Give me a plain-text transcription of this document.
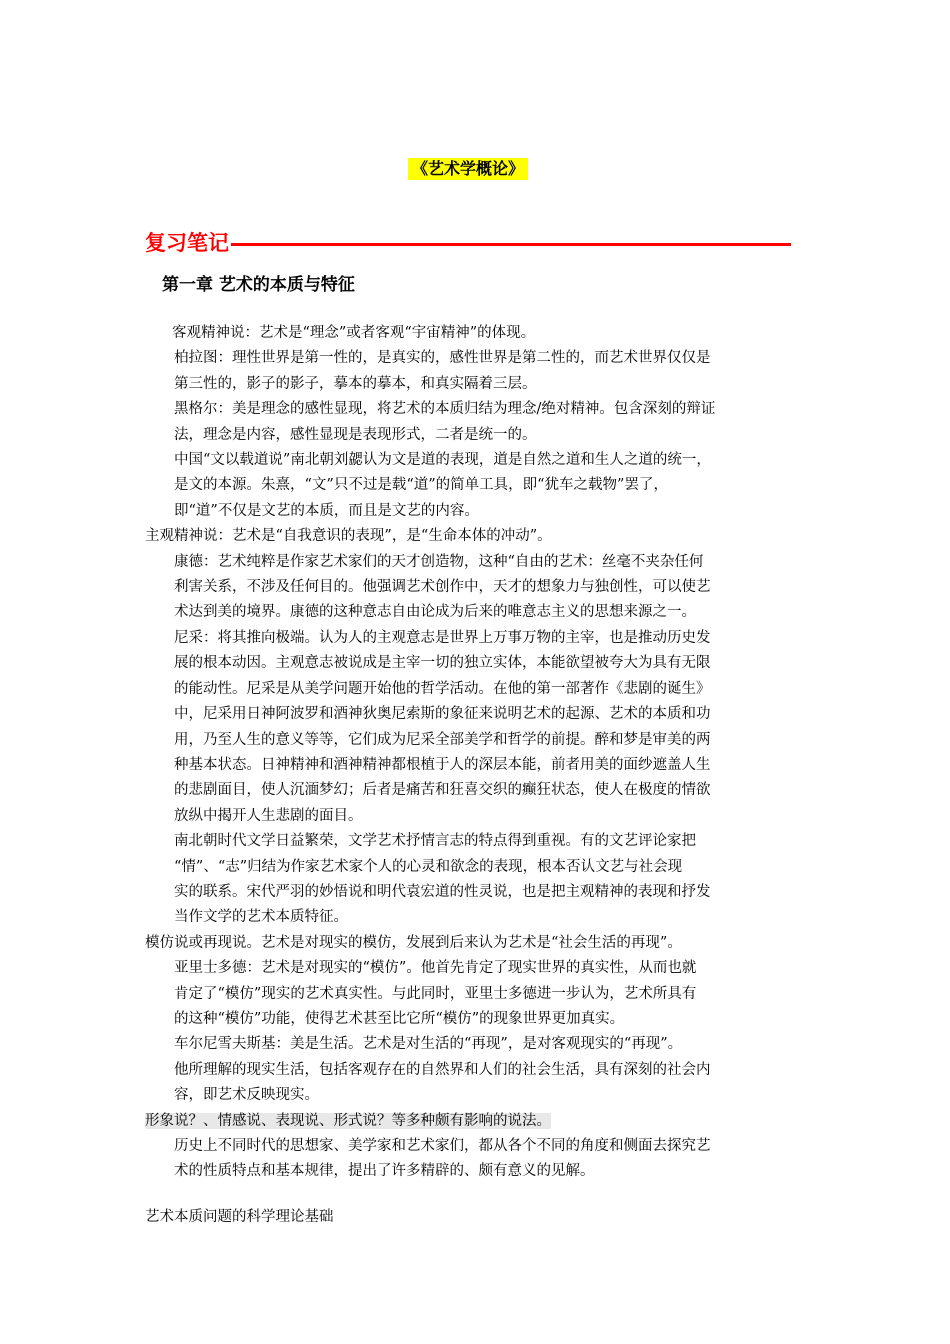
《艺术学概论》
复习笔记
第一章 艺术的本质与特征

客观精神说：艺术是“理念”或者客观“宇宙精神”的体现。

柏拉图：理性世界是第一性的，是真实的，感性世界是第二性的，而艺术世界仅仅是

第三性的，影子的影子，摹本的摹本，和真实隔着三层。

黑格尔：美是理念的感性显现，将艺术的本质归结为理念/绝对精神。包含深刻的辩证

法，理念是内容，感性显现是表现形式，二者是统一的。

中国“文以载道说”南北朝刘勰认为文是道的表现，道是自然之道和生人之道的统一，

是文的本源。朱熹，“文”只不过是载“道”的简单工具，即“犹车之载物”罢了，

即“道”不仅是文艺的本质，而且是文艺的内容。

主观精神说：艺术是“自我意识的表现”，是“生命本体的冲动”。

康德：艺术纯粹是作家艺术家们的天才创造物，这种“自由的艺术：丝毫不夹杂任何

利害关系，不涉及任何目的。他强调艺术创作中，天才的想象力与独创性，可以使艺

术达到美的境界。康德的这种意志自由论成为后来的唯意志主义的思想来源之一。

尼采：将其推向极端。认为人的主观意志是世界上万事万物的主宰，也是推动历史发

展的根本动因。主观意志被说成是主宰一切的独立实体，本能欲望被夸大为具有无限

的能动性。尼采是从美学问题开始他的哲学活动。在他的第一部著作《悲剧的诞生》

中，尼采用日神阿波罗和酒神狄奥尼索斯的象征来说明艺术的起源、艺术的本质和功

用，乃至人生的意义等等，它们成为尼采全部美学和哲学的前提。醉和梦是审美的两

种基本状态。日神精神和酒神精神都根植于人的深层本能，前者用美的面纱遮盖人生

的悲剧面目，使人沉湎梦幻；后者是痛苦和狂喜交织的癫狂状态，使人在极度的情欲

放纵中揭开人生悲剧的面目。

南北朝时代文学日益繁荣，文学艺术抒情言志的特点得到重视。有的文艺评论家把

“情”、“志”归结为作家艺术家个人的心灵和欲念的表现，根本否认文艺与社会现

实的联系。宋代严羽的妙悟说和明代袁宏道的性灵说，也是把主观精神的表现和抒发

当作文学的艺术本质特征。

模仿说或再现说。艺术是对现实的模仿，发展到后来认为艺术是“社会生活的再现”。

亚里士多德：艺术是对现实的“模仿”。他首先肯定了现实世界的真实性，从而也就

肯定了“模仿”现实的艺术真实性。与此同时，亚里士多德进一步认为，艺术所具有

的这种“模仿”功能，使得艺术甚至比它所“模仿”的现象世界更加真实。

车尔尼雪夫斯基：美是生活。艺术是对生活的“再现”，是对客观现实的“再现”。

他所理解的现实生活，包括客观存在的自然界和人们的社会生活，具有深刻的社会内

容，即艺术反映现实。

形象说？、情感说、表现说、形式说？等多种颇有影响的说法。

历史上不同时代的思想家、美学家和艺术家们，都从各个不同的角度和侧面去探究艺

术的性质特点和基本规律，提出了许多精辟的、颇有意义的见解。

艺术本质问题的科学理论基础
